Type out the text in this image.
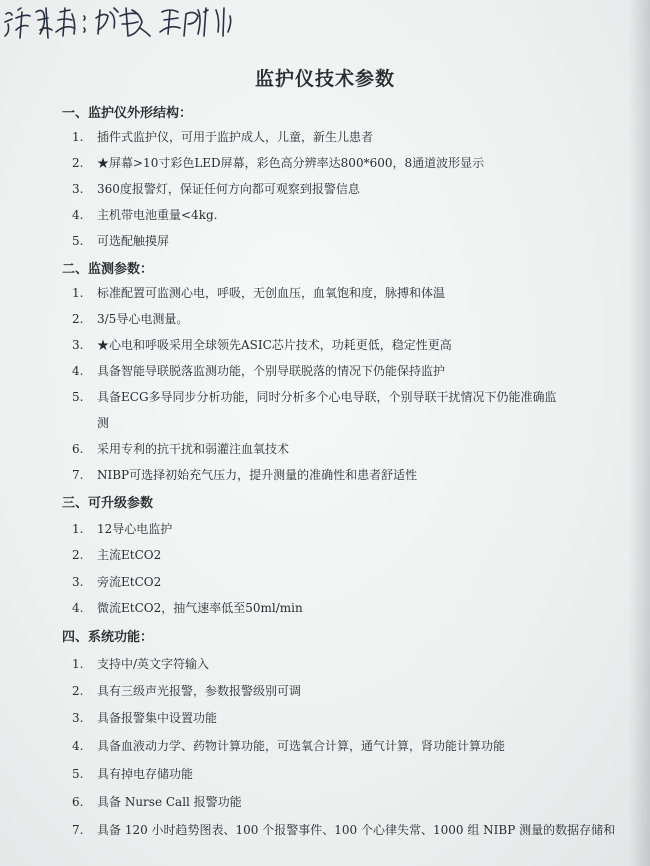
监护仪技术参数
一、监护仪外形结构：
1. 插件式监护仪，可用于监护成人，儿童，新生儿患者
2. ★屏幕>10寸彩色LED屏幕，彩色高分辨率达800*600，8通道波形显示
3. 360度报警灯，保证任何方向都可观察到报警信息
4. 主机带电池重量<4kg.
5. 可选配触摸屏
二、监测参数：
1. 标准配置可监测心电，呼吸，无创血压，血氧饱和度，脉搏和体温
2. 3/5导心电测量。
3. ★心电和呼吸采用全球领先ASIC芯片技术，功耗更低，稳定性更高
4. 具备智能导联脱落监测功能，个别导联脱落的情况下仍能保持监护
5. 具备ECG多导同步分析功能，同时分析多个心电导联，个别导联干扰情况下仍能准确监
测
6. 采用专利的抗干扰和弱灌注血氧技术
7. NIBP可选择初始充气压力，提升测量的准确性和患者舒适性
三、可升级参数
1. 12导心电监护
2. 主流EtCO2
3. 旁流EtCO2
4. 微流EtCO2，抽气速率低至50ml/min
四、系统功能：
1. 支持中/英文字符输入
2. 具有三级声光报警，参数报警级别可调
3. 具备报警集中设置功能
4. 具备血液动力学、药物计算功能，可选氧合计算，通气计算，肾功能计算功能
5. 具有掉电存储功能
6. 具备 Nurse Call 报警功能
7. 具备 120 小时趋势图表、100 个报警事件、100 个心律失常、1000 组 NIBP 测量的数据存储和
